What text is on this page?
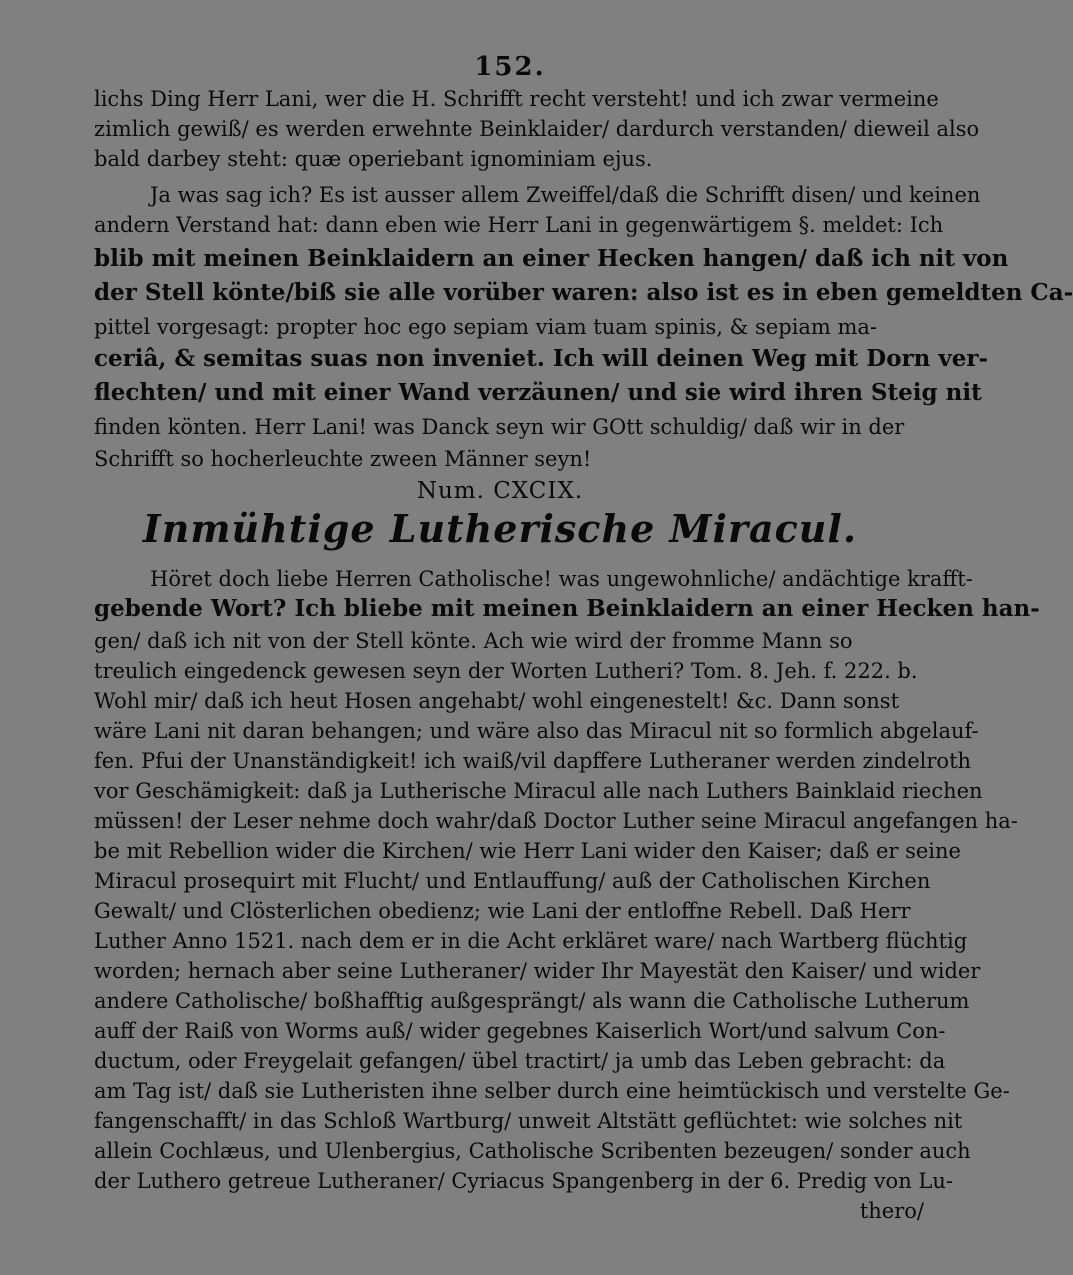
152.
lichs Ding Herr Lani, wer die H. Schrifft recht versteht! und ich zwar vermeine
zimlich gewiß/ es werden erwehnte Beinklaider/ dardurch verstanden/ dieweil also
bald darbey steht: quæ operiebant ignominiam ejus.
Ja was sag ich? Es ist ausser allem Zweiffel/daß die Schrifft disen/ und keinen
andern Verstand hat: dann eben wie Herr Lani in gegenwärtigem §. meldet: Ich
blib mit meinen Beinklaidern an einer Hecken hangen/ daß ich nit von
der Stell könte/biß sie alle vorüber waren: also ist es in eben gemeldten Ca-
pittel vorgesagt: propter hoc ego sepiam viam tuam spinis, & sepiam ma-
ceriâ, & semitas suas non inveniet. Ich will deinen Weg mit Dorn ver-
flechten/ und mit einer Wand verzäunen/ und sie wird ihren Steig nit
finden könten. Herr Lani! was Danck seyn wir GOtt schuldig/ daß wir in der
Schrifft so hocherleuchte zween Männer seyn!
Num. CXCIX.
Inmühtige Lutherische Miracul.
Höret doch liebe Herren Catholische! was ungewohnliche/ andächtige krafft-
gebende Wort? Ich bliebe mit meinen Beinklaidern an einer Hecken han-
gen/ daß ich nit von der Stell könte. Ach wie wird der fromme Mann so
treulich eingedenck gewesen seyn der Worten Lutheri? Tom. 8. Jeh. f. 222. b.
Wohl mir/ daß ich heut Hosen angehabt/ wohl eingenestelt! &c. Dann sonst
wäre Lani nit daran behangen; und wäre also das Miracul nit so formlich abgelauf-
fen. Pfui der Unanständigkeit! ich waiß/vil dapffere Lutheraner werden zindelroth
vor Geschämigkeit: daß ja Lutherische Miracul alle nach Luthers Bainklaid riechen
müssen! der Leser nehme doch wahr/daß Doctor Luther seine Miracul angefangen ha-
be mit Rebellion wider die Kirchen/ wie Herr Lani wider den Kaiser; daß er seine
Miracul prosequirt mit Flucht/ und Entlauffung/ auß der Catholischen Kirchen
Gewalt/ und Clösterlichen obedienz; wie Lani der entloffne Rebell. Daß Herr
Luther Anno 1521. nach dem er in die Acht erkläret ware/ nach Wartberg flüchtig
worden; hernach aber seine Lutheraner/ wider Ihr Mayestät den Kaiser/ und wider
andere Catholische/ boßhafftig außgesprängt/ als wann die Catholische Lutherum
auff der Raiß von Worms auß/ wider gegebnes Kaiserlich Wort/und salvum Con-
ductum, oder Freygelait gefangen/ übel tractirt/ ja umb das Leben gebracht: da
am Tag ist/ daß sie Lutheristen ihne selber durch eine heimtückisch und verstelte Ge-
fangenschafft/ in das Schloß Wartburg/ unweit Altstätt geflüchtet: wie solches nit
allein Cochlæus, und Ulenbergius, Catholische Scribenten bezeugen/ sonder auch
der Luthero getreue Lutheraner/ Cyriacus Spangenberg in der 6. Predig von Lu-
thero/
